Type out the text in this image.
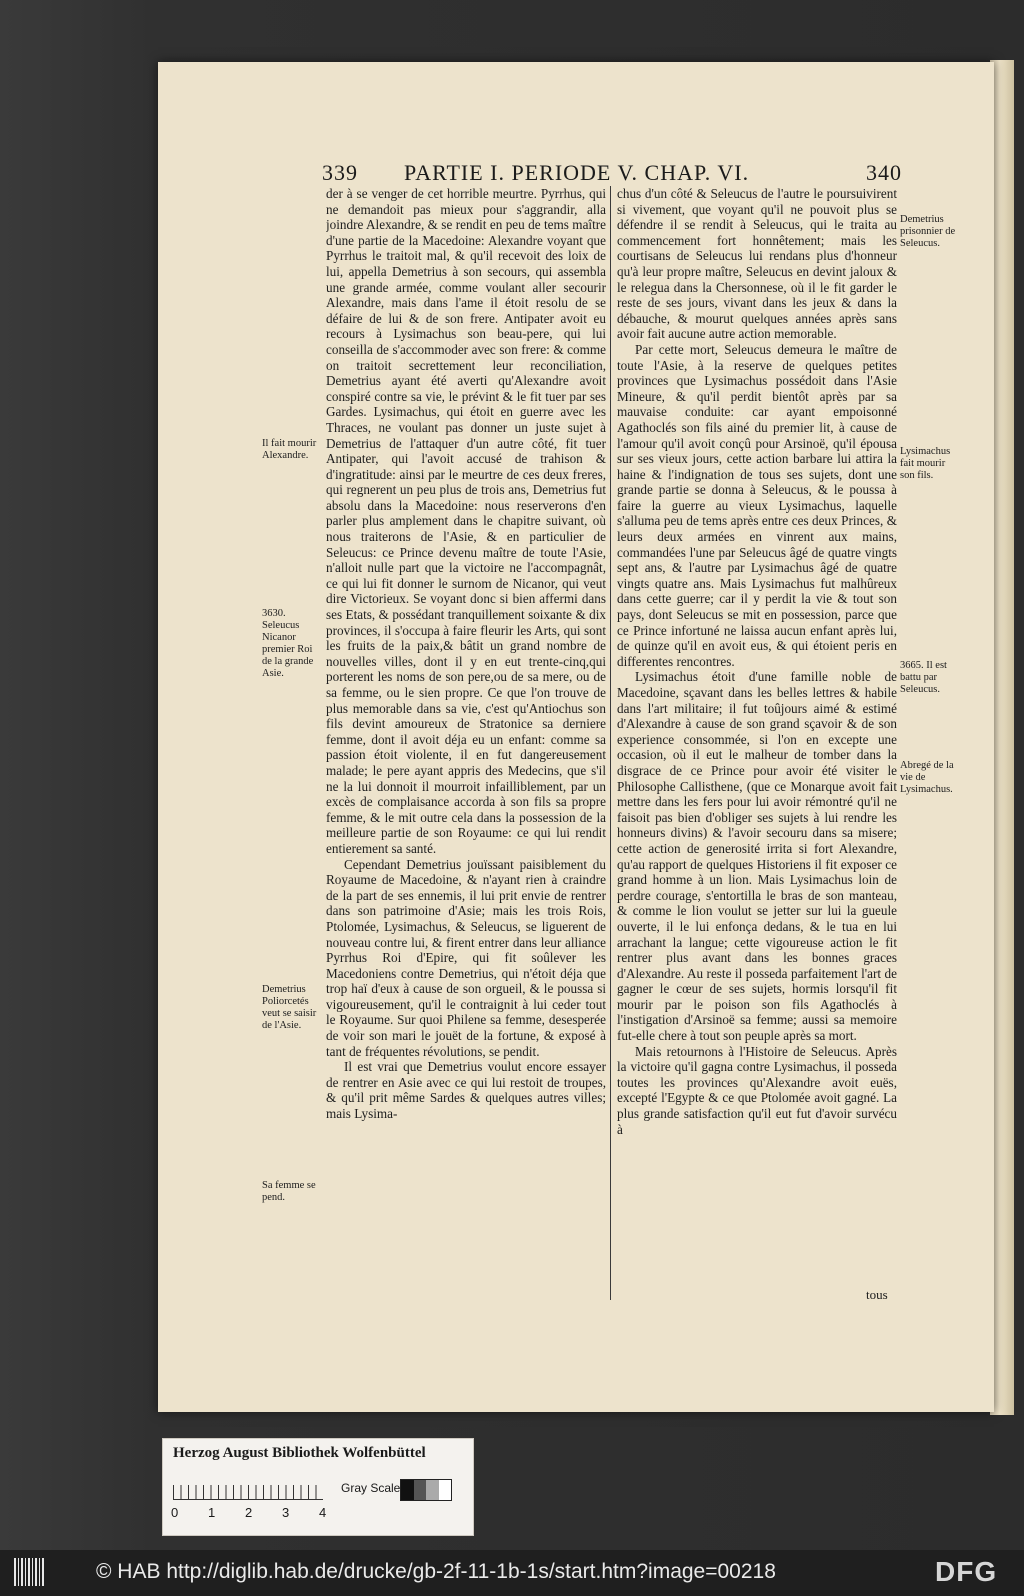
339 PARTIE I. PERIODE V. CHAP. VI.	340

der à se venger de cet horrible meurtre. Pyrrhus, qui ne demandoit pas mieux pour s'aggrandir, alla joindre Alexandre, & se rendit en peu de tems maître d'une partie de la Macedoine: Alexandre voyant que Pyrrhus le traitoit mal, & qu'il recevoit des loix de lui, appella Demetrius à son secours, qui assembla une grande armée, comme voulant aller secourir Alexandre, mais dans l'ame il étoit resolu de se défaire de lui & de son frere. Antipater avoit eu recours à Lysimachus son beau-pere, qui lui conseilla de s'accommoder avec son frere: & comme on traitoit secrettement leur reconciliation, Demetrius ayant été averti qu'Alexandre avoit conspiré contre sa vie, le prévint & le fit tuer par ses Gardes. Lysimachus, qui étoit en guerre avec les Thraces, ne voulant pas donner un juste sujet à Demetrius de l'attaquer d'un autre côté, fit tuer Antipater, qui l'avoit accusé de trahison & d'ingratitude: ainsi par le meurtre de ces deux freres, qui regnerent un peu plus de trois ans, Demetrius fut absolu dans la Macedoine: nous reserverons d'en parler plus amplement dans le chapitre suivant, où nous traiterons de l'Asie, & en particulier de Seleucus: ce Prince devenu maître de toute l'Asie, n'alloit nulle part que la victoire ne l'accompagnât, ce qui lui fit donner le surnom de Nicanor, qui veut dire Victorieux. Se voyant donc si bien affermi dans ses Etats, & possédant tranquillement soixante & dix provinces, il s'occupa à faire fleurir les Arts, qui sont les fruits de la paix,& bâtit un grand nombre de nouvelles villes, dont il y en eut trente-cinq,qui porterent les noms de son pere,ou de sa mere, ou de sa femme, ou le sien propre. Ce que l'on trouve de plus memorable dans sa vie, c'est qu'Antiochus son fils devint amoureux de Stratonice sa derniere femme, dont il avoit déja eu un enfant: comme sa passion étoit violente, il en fut dangereusement malade; le pere ayant appris des Medecins, que s'il ne la lui donnoit il mourroit infailliblement, par un excès de complaisance accorda à son fils sa propre femme, & le mit outre cela dans la possession de la meilleure partie de son Royaume: ce qui lui rendit entierement sa santé.

Cependant Demetrius jouïssant paisiblement du Royaume de Macedoine, & n'ayant rien à craindre de la part de ses ennemis, il lui prit envie de rentrer dans son patrimoine d'Asie; mais les trois Rois, Ptolomée, Lysimachus, & Seleucus, se liguerent de nouveau contre lui, & firent entrer dans leur alliance Pyrrhus Roi d'Epire, qui fit soûlever les Macedoniens contre Demetrius, qui n'étoit déja que trop haï d'eux à cause de son orgueil, & le poussa si vigoureusement, qu'il le contraignit à lui ceder tout le Royaume. Sur quoi Philene sa femme, desesperée de voir son mari le jouët de la fortune, & exposé à tant de fréquentes révolutions, se pendit.

Il est vrai que Demetrius voulut encore essayer de rentrer en Asie avec ce qui lui restoit de troupes, & qu'il prit même Sardes & quelques autres villes; mais Lysima-

chus d'un côté & Seleucus de l'autre le poursuivirent si vivement, que voyant qu'il ne pouvoit plus se défendre il se rendit à Seleucus, qui le traita au commencement fort honnêtement; mais les courtisans de Seleucus lui rendans plus d'honneur qu'à leur propre maître, Seleucus en devint jaloux & le relegua dans la Chersonnese, où il le fit garder le reste de ses jours, vivant dans les jeux & dans la débauche, & mourut quelques années après sans avoir fait aucune autre action memorable.

Par cette mort, Seleucus demeura le maître de toute l'Asie, à la reserve de quelques petites provinces que Lysimachus possédoit dans l'Asie Mineure, & qu'il perdit bientôt après par sa mauvaise conduite: car ayant empoisonné Agathoclés son fils ainé du premier lit, à cause de l'amour qu'il avoit conçû pour Arsinoë, qu'il épousa sur ses vieux jours, cette action barbare lui attira la haine & l'indignation de tous ses sujets, dont une grande partie se donna à Seleucus, & le poussa à faire la guerre au vieux Lysimachus, laquelle s'alluma peu de tems après entre ces deux Princes, & leurs deux armées en vinrent aux mains, commandées l'une par Seleucus âgé de quatre vingts sept ans, & l'autre par Lysimachus âgé de quatre vingts quatre ans. Mais Lysimachus fut malhûreux dans cette guerre; car il y perdit la vie & tout son pays, dont Seleucus se mit en possession, parce que ce Prince infortuné ne laissa aucun enfant après lui, de quinze qu'il en avoit eus, & qui étoient peris en differentes rencontres.

Lysimachus étoit d'une famille noble de Macedoine, sçavant dans les belles lettres & habile dans l'art militaire; il fut toûjours aimé & estimé d'Alexandre à cause de son grand sçavoir & de son experience consommée, si l'on en excepte une occasion, où il eut le malheur de tomber dans la disgrace de ce Prince pour avoir été visiter le Philosophe Callisthene, (que ce Monarque avoit fait mettre dans les fers pour lui avoir rémontré qu'il ne faisoit pas bien d'obliger ses sujets à lui rendre les honneurs divins) & l'avoir secouru dans sa misere; cette action de generosité irrita si fort Alexandre, qu'au rapport de quelques Historiens il fit exposer ce grand homme à un lion. Mais Lysimachus loin de perdre courage, s'entortilla le bras de son manteau, & comme le lion voulut se jetter sur lui la gueule ouverte, il le lui enfonça dedans, & le tua en lui arrachant la langue; cette vigoureuse action le fit rentrer plus avant dans les bonnes graces d'Alexandre. Au reste il posseda parfaitement l'art de gagner le cœur de ses sujets, hormis lorsqu'il fit mourir par le poison son fils Agathoclés à l'instigation d'Arsinoë sa femme; aussi sa memoire fut-elle chere à tout son peuple après sa mort.

Mais retournons à l'Histoire de Seleucus. Après la victoire qu'il gagna contre Lysimachus, il posseda toutes les provinces qu'Alexandre avoit euës, excepté l'Egypte & ce que Ptolomée avoit gagné. La plus grande satisfaction qu'il eut fut d'avoir survécu à

tous
Il fait mourir Alexandre.
3630. Seleucus Nicanor premier Roi de la grande Asie.
Demetrius Poliorcetés veut se saisir de l'Asie.
Sa femme se pend.
Demetrius prisonnier de Seleucus.
Lysimachus fait mourir son fils.
3665. Il est battu par Seleucus.
Abregé de la vie de Lysimachus.
Herzog August Bibliothek Wolfenbüttel
0 1 2 3 4
Gray Scale
© HAB http://diglib.hab.de/drucke/gb-2f-11-1b-1s/start.htm?image=00218	DFG
